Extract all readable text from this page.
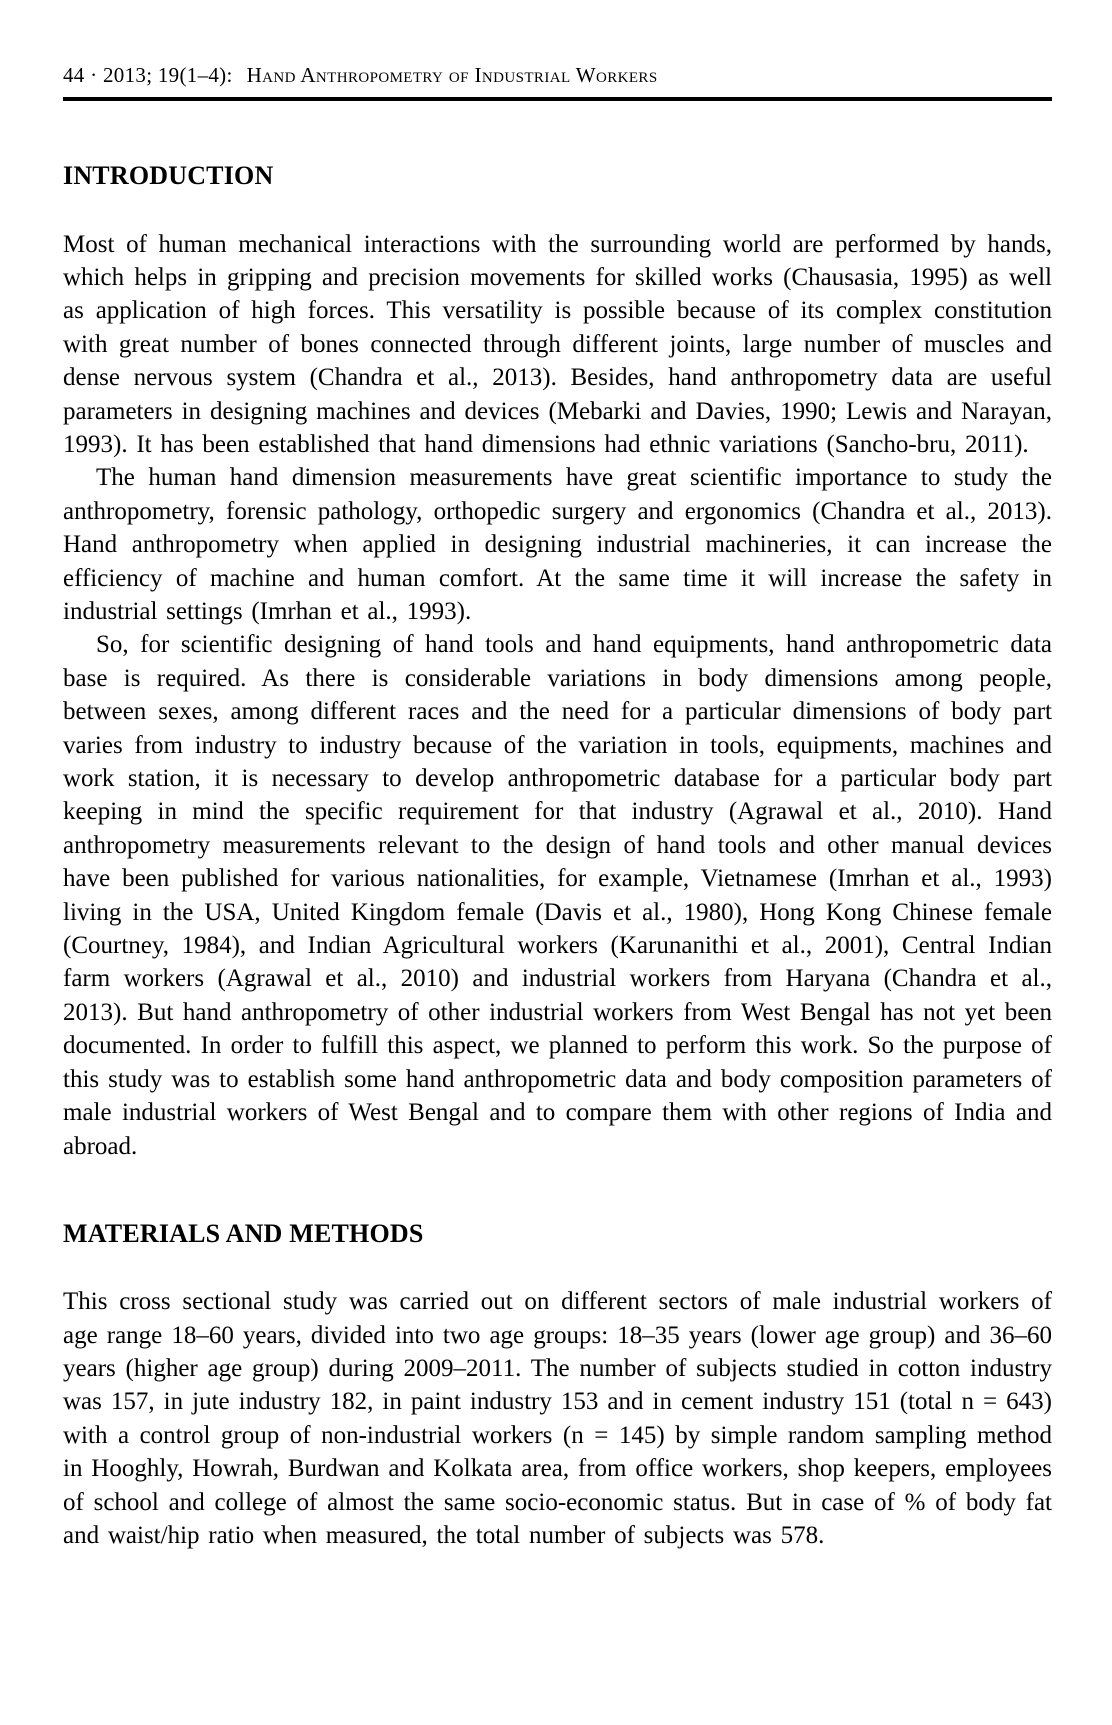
44 · 2013; 19(1–4): Hand Anthropometry of Industrial Workers
INTRODUCTION

Most of human mechanical interactions with the surrounding world are performed by hands, which helps in gripping and precision movements for skilled works (Chausasia, 1995) as well as application of high forces. This versatility is possible because of its complex constitution with great number of bones connected through different joints, large number of muscles and dense nervous system (Chandra et al., 2013). Besides, hand anthropometry data are useful parameters in designing machines and devices (Mebarki and Davies, 1990; Lewis and Narayan, 1993). It has been established that hand dimensions had ethnic variations (Sancho-bru, 2011).

The human hand dimension measurements have great scientific importance to study the anthropometry, forensic pathology, orthopedic surgery and ergonomics (Chandra et al., 2013). Hand anthropometry when applied in designing industrial machineries, it can increase the efficiency of machine and human comfort. At the same time it will increase the safety in industrial settings (Imrhan et al., 1993).

So, for scientific designing of hand tools and hand equipments, hand anthropometric data base is required. As there is considerable variations in body dimensions among people, between sexes, among different races and the need for a particular dimensions of body part varies from industry to industry because of the variation in tools, equipments, machines and work station, it is necessary to develop anthropometric database for a particular body part keeping in mind the specific requirement for that industry (Agrawal et al., 2010). Hand anthropometry measurements relevant to the design of hand tools and other manual devices have been published for various nationalities, for example, Vietnamese (Imrhan et al., 1993) living in the USA, United Kingdom female (Davis et al., 1980), Hong Kong Chinese female (Courtney, 1984), and Indian Agricultural workers (Karunanithi et al., 2001), Central Indian farm workers (Agrawal et al., 2010) and industrial workers from Haryana (Chandra et al., 2013). But hand anthropometry of other industrial workers from West Bengal has not yet been documented. In order to fulfill this aspect, we planned to perform this work. So the purpose of this study was to establish some hand anthropometric data and body composition parameters of male industrial workers of West Bengal and to compare them with other regions of India and abroad.

MATERIALS AND METHODS

This cross sectional study was carried out on different sectors of male industrial workers of age range 18–60 years, divided into two age groups: 18–35 years (lower age group) and 36–60 years (higher age group) during 2009–2011. The number of subjects studied in cotton industry was 157, in jute industry 182, in paint industry 153 and in cement industry 151 (total n = 643) with a control group of non-industrial workers (n = 145) by simple random sampling method in Hooghly, Howrah, Burdwan and Kolkata area, from office workers, shop keepers, employees of school and college of almost the same socio-economic status. But in case of % of body fat and waist/hip ratio when measured, the total number of subjects was 578.
